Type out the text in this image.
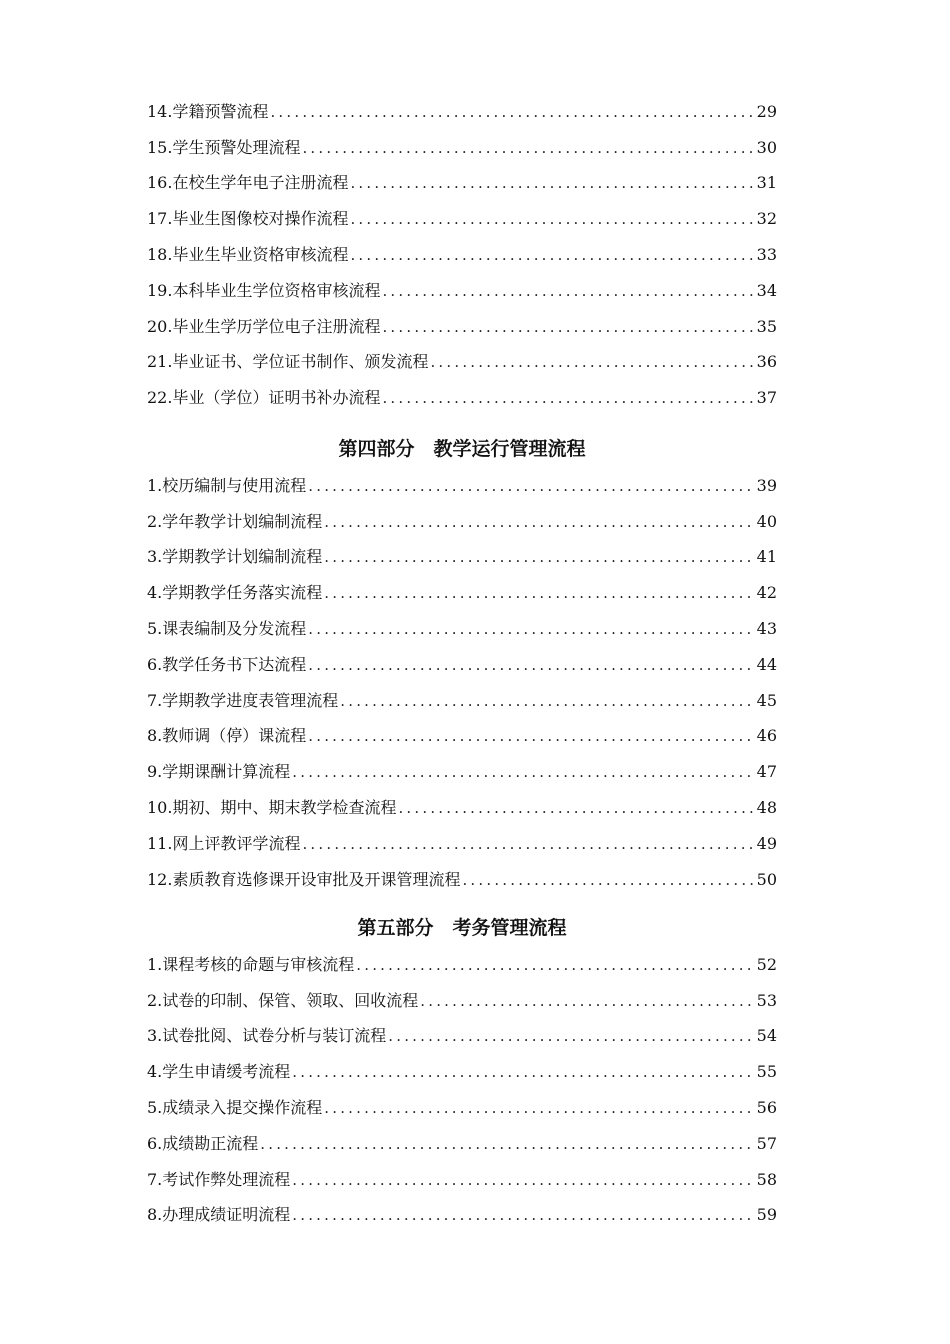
14.学籍预警流程 .....	29
15.学生预警处理流程 .....	30
16.在校生学年电子注册流程 .....	31
17.毕业生图像校对操作流程 .....	32
18.毕业生毕业资格审核流程 .....	33
19.本科毕业生学位资格审核流程 .....	34
20.毕业生学历学位电子注册流程 .....	35
21.毕业证书、学位证书制作、颁发流程 .....	36
22.毕业（学位）证明书补办流程 .....	37
第四部分　教学运行管理流程
1.校历编制与使用流程 .....	39
2.学年教学计划编制流程 .....	40
3.学期教学计划编制流程 .....	41
4.学期教学任务落实流程 .....	42
5.课表编制及分发流程 .....	43
6.教学任务书下达流程 .....	44
7.学期教学进度表管理流程 .....	45
8.教师调（停）课流程 .....	46
9.学期课酬计算流程 .....	47
10.期初、期中、期末教学检查流程 .....	48
11.网上评教评学流程 .....	49
12.素质教育选修课开设审批及开课管理流程 .....	50
第五部分　考务管理流程
1.课程考核的命题与审核流程 .....	52
2.试卷的印制、保管、领取、回收流程 .....	53
3.试卷批阅、试卷分析与装订流程 .....	54
4.学生申请缓考流程 .....	55
5.成绩录入提交操作流程 .....	56
6.成绩勘正流程 .....	57
7.考试作弊处理流程 .....	58
8.办理成绩证明流程 .....	59
